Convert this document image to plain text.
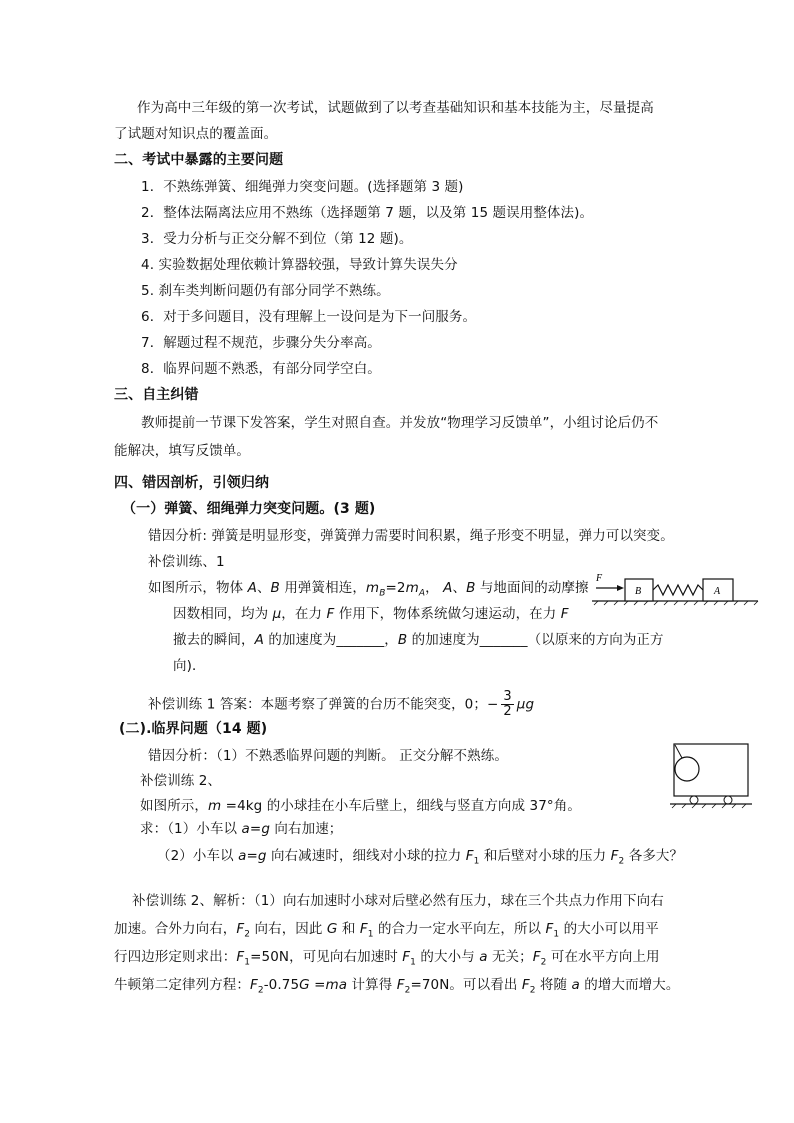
作为高中三年级的第一次考试，试题做到了以考查基础知识和基本技能为主，尽量提高
了试题对知识点的覆盖面。
二、考试中暴露的主要问题
1．不熟练弹簧、细绳弹力突变问题。(选择题第 3 题)
2．整体法隔离法应用不熟练（选择题第 7 题，以及第 15 题误用整体法)。
3．受力分析与正交分解不到位（第 12 题)。
4. 实验数据处理依赖计算器较强，导致计算失误失分
5. 刹车类判断问题仍有部分同学不熟练。
6．对于多问题目，没有理解上一设问是为下一问服务。
7．解题过程不规范，步骤分失分率高。
8．临界问题不熟悉，有部分同学空白。
三、自主纠错
教师提前一节课下发答案，学生对照自查。并发放“物理学习反馈单”，小组讨论后仍不
能解决，填写反馈单。
四、错因剖析，引领归纳
（一）弹簧、细绳弹力突变问题。(3 题)
错因分析: 弹簧是明显形变，弹簧弹力需要时间积累，绳子形变不明显，弹力可以突变。
补偿训练、1
如图所示，物体 A、B 用弹簧相连，$m_B=2m_A$， A、B 与地面间的动摩擦
因数相同，均为 μ，在力 F 作用下，物体系统做匀速运动，在力 F
撤去的瞬间，A 的加速度为_______，B 的加速度为_______（以原来的方向为正方
向)．
补偿训练 1 答案：本题考察了弹簧的台历不能突变，0；− $\frac{3}{2}$ μg
F
B	A
(二).临界问题（14 题)
错因分析：（1）不熟悉临界问题的判断。 正交分解不熟练。
补偿训练 2、
如图所示，m =4kg 的小球挂在小车后壁上，细线与竖直方向成 37°角。
求：（1）小车以 a=g 向右加速；
（2）小车以 a=g 向右减速时，细线对小球的拉力 $F_1$ 和后壁对小球的压力 $F_2$ 各多大？
补偿训练 2、解析：（1）向右加速时小球对后壁必然有压力，球在三个共点力作用下向右
加速。合外力向右，$F_2$ 向右，因此 G 和 $F_1$ 的合力一定水平向左，所以 $F_1$ 的大小可以用平
行四边形定则求出：$F_1=50N$，可见向右加速时 $F_1$ 的大小与 a 无关；$F_2$ 可在水平方向上用
牛顿第二定律列方程：$F_2-0.75G =ma$ 计算得 $F_2=70N$。可以看出 $F_2$ 将随 a 的增大而增大。
